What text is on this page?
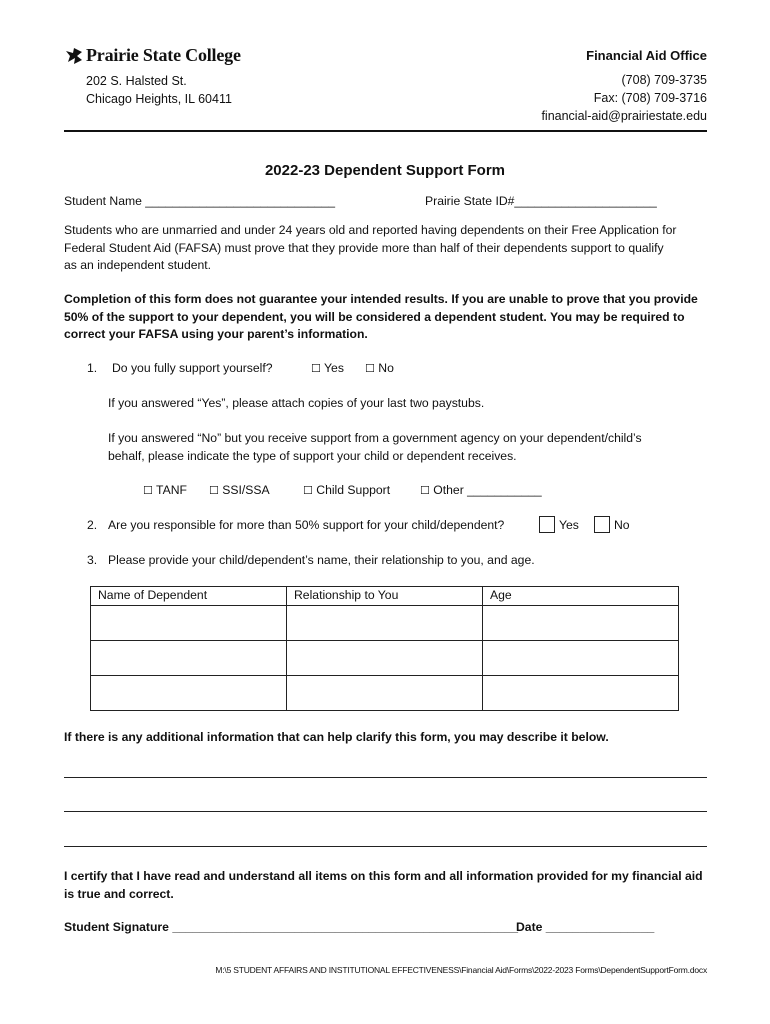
Prairie State College
202 S. Halsted St.
Chicago Heights, IL 60411
Financial Aid Office
(708) 709-3735
Fax: (708) 709-3716
financial-aid@prairiestate.edu
2022-23 Dependent Support Form
Student Name ____________________________	Prairie State ID#_____________________
Students who are unmarried and under 24 years old and reported having dependents on their Free Application for
Federal Student Aid (FAFSA) must prove that they provide more than half of their dependents support to qualify
as an independent student.
Completion of this form does not guarantee your intended results. If you are unable to prove that you provide
50% of the support to your dependent, you will be considered a dependent student. You may be required to
correct your FAFSA using your parent’s information.
1. Do you fully support yourself?	☐ Yes ☐ No
If you answered “Yes”, please attach copies of your last two paystubs.
If you answered “No” but you receive support from a government agency on your dependent/child’s
behalf, please indicate the type of support your child or dependent receives.
☐ TANF ☐ SSI/SSA	☐ Child Support	☐ Other ___________
2. Are you responsible for more than 50% support for your child/dependent?	Yes	No
3. Please provide your child/dependent’s name, their relationship to you, and age.
Name of Dependent	Relationship to You	Age

If there is any additional information that can help clarify this form, you may describe it below.
I certify that I have read and understand all items on this form and all information provided for my financial aid
is true and correct.
Student Signature ___________________________________________________
Date ________________
M:\5 STUDENT AFFAIRS AND INSTITUTIONAL EFFECTIVENESS\Financial Aid\Forms\2022-2023 Forms\DependentSupportForm.docx
